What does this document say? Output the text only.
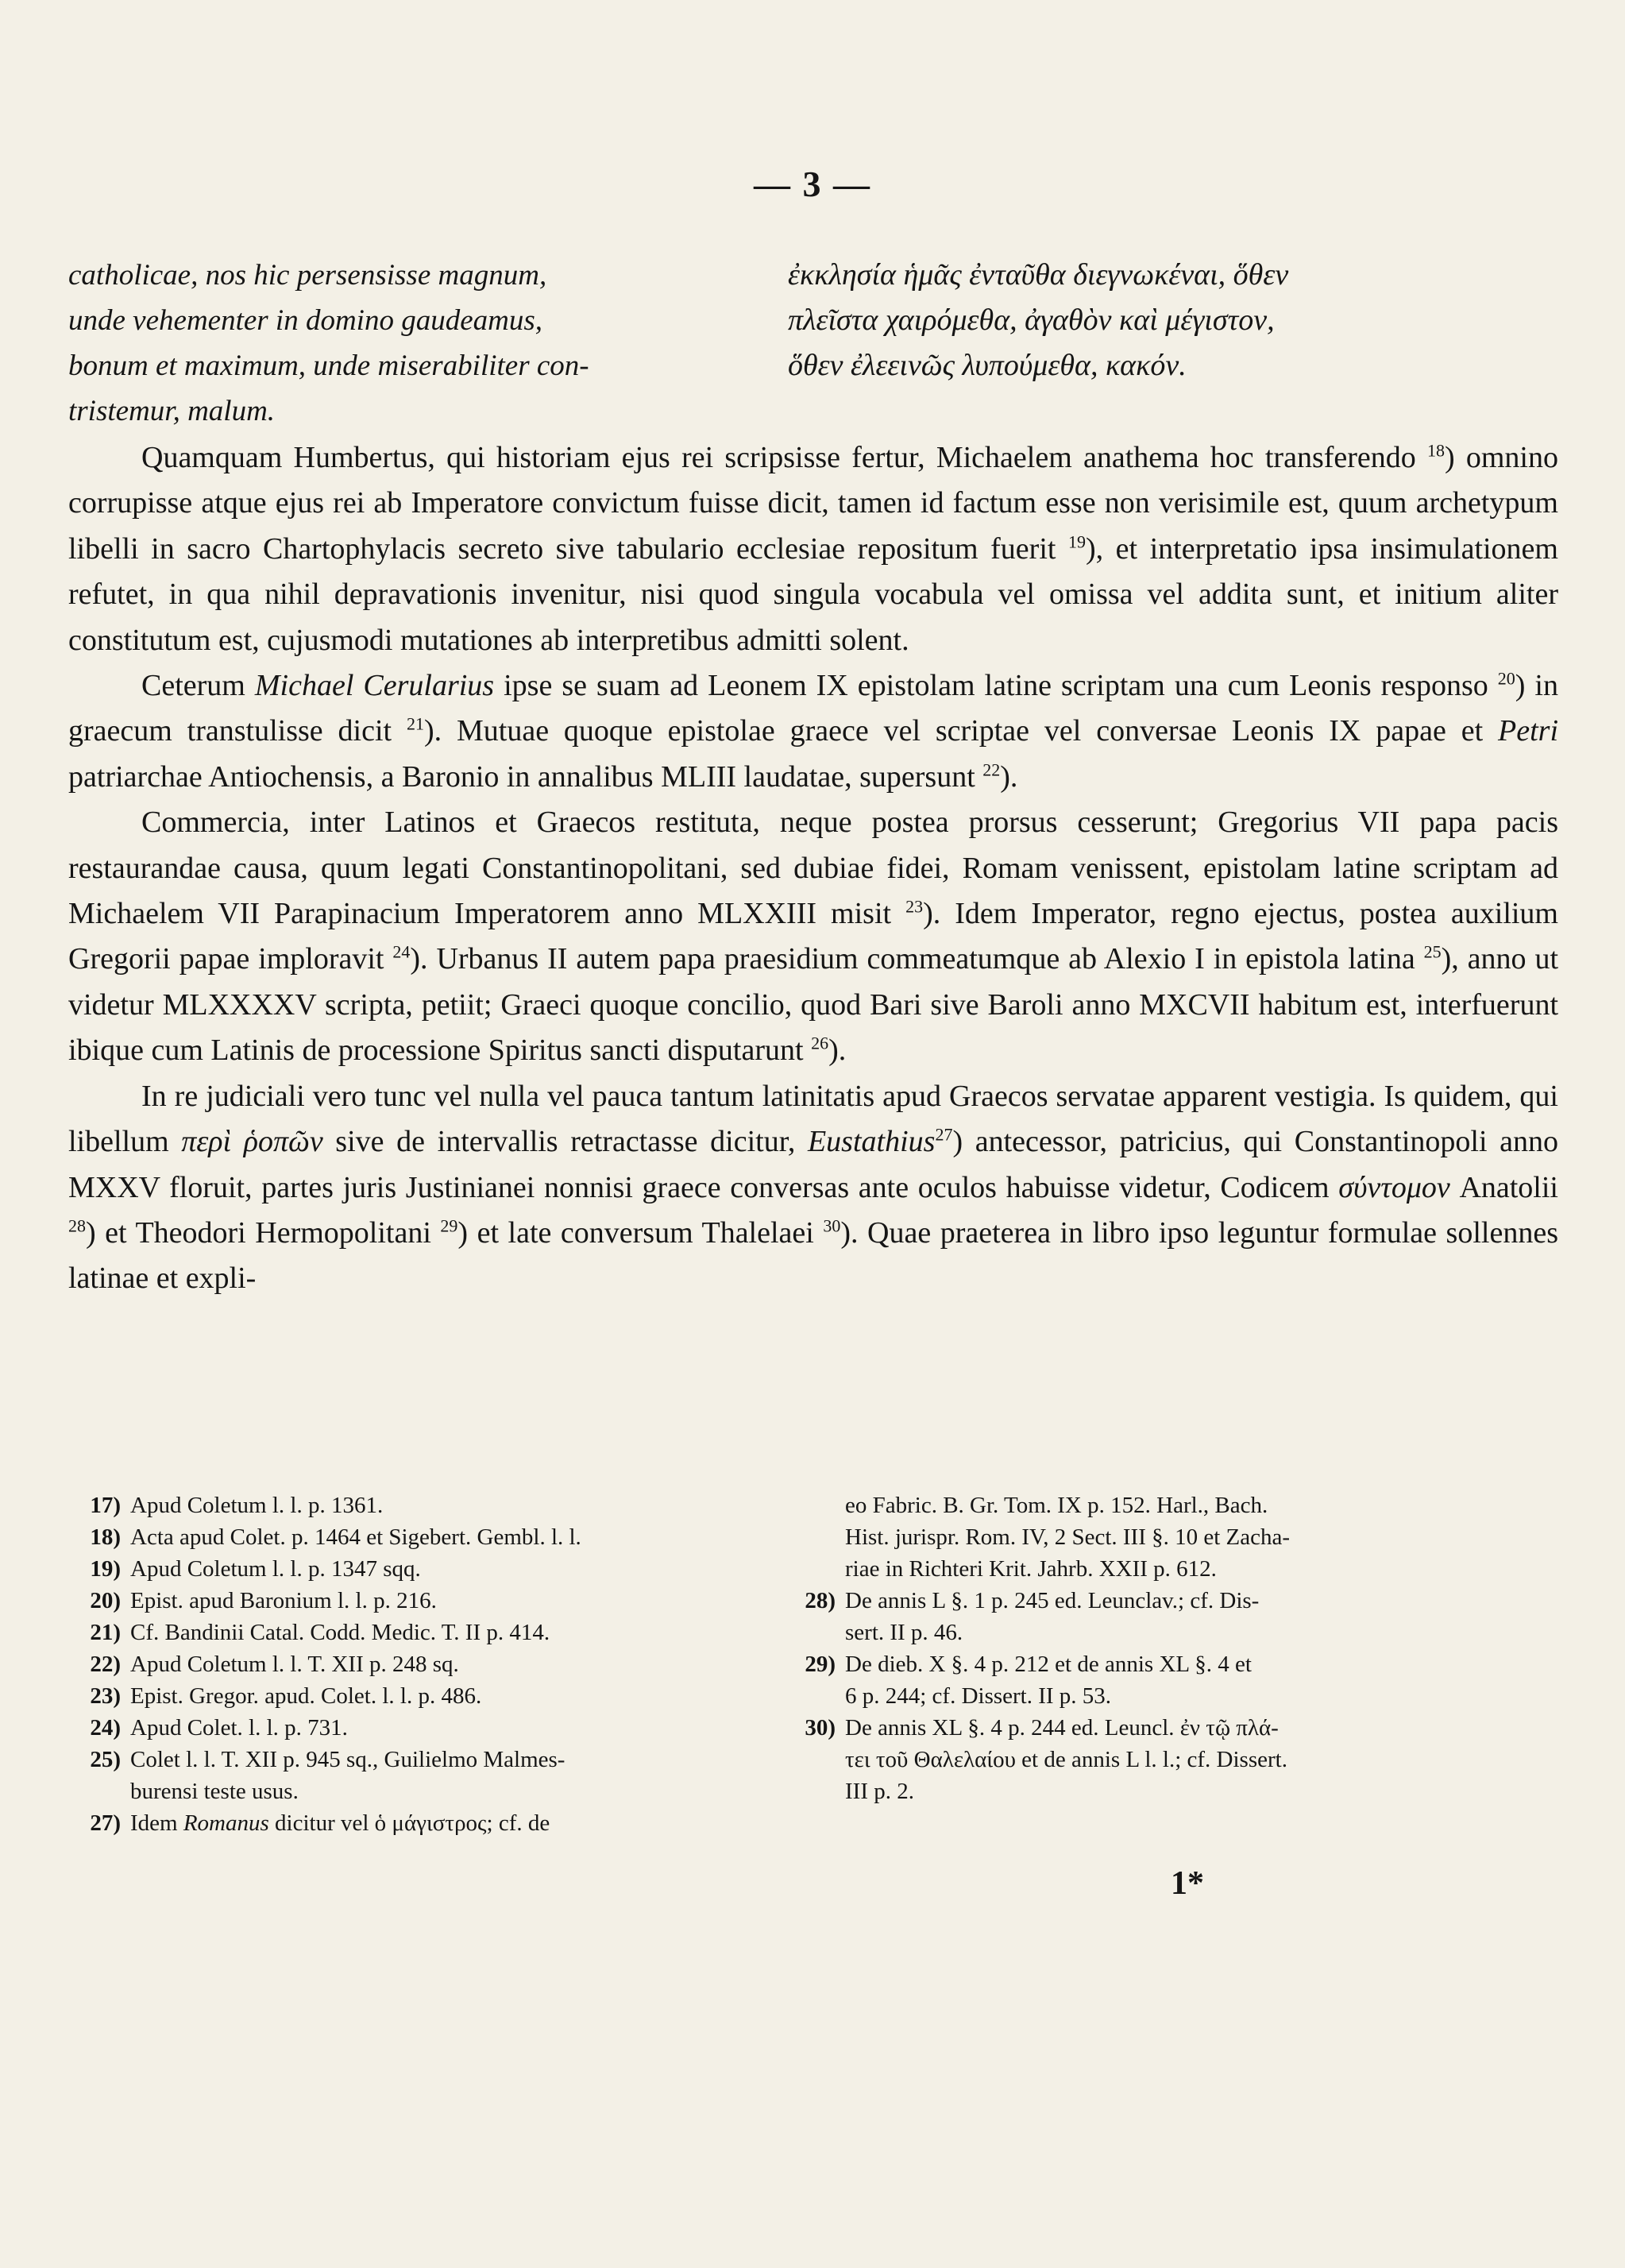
— 3 —
catholicae, nos hic persensisse magnum,
unde vehementer in domino gaudeamus,
bonum et maximum, unde miserabiliter con-
tristemur, malum.
ἐκκλησία ἡμᾶς ἐνταῦθα διεγνωκέναι, ὅθεν
πλεῖστα χαιρόμεθα, ἀγαθὸν καὶ μέγιστον,
ὅθεν ἐλεεινῶς λυπούμεθα, κακόν.

Quamquam Humbertus, qui historiam ejus rei scripsisse fertur, Michaelem anathema hoc transferendo $^{18}$) omnino corrupisse atque ejus rei ab Imperatore convictum fuisse dicit, tamen id factum esse non verisimile est, quum archetypum libelli in sacro Chartophylacis secreto sive tabulario ecclesiae repositum fuerit $^{19}$), et interpretatio ipsa insimulationem refutet, in qua nihil depravationis invenitur, nisi quod singula vocabula vel omissa vel addita sunt, et initium aliter constitutum est, cujusmodi mutationes ab interpretibus admitti solent.

Ceterum Michael Cerularius ipse se suam ad Leonem IX epistolam latine scriptam una cum Leonis responso $^{20}$) in graecum transtulisse dicit $^{21}$). Mutuae quoque epistolae graece vel scriptae vel conversae Leonis IX papae et Petri patriarchae Antiochensis, a Baronio in annalibus MLIII laudatae, supersunt $^{22}$).

Commercia, inter Latinos et Graecos restituta, neque postea prorsus cesserunt; Gregorius VII papa pacis restaurandae causa, quum legati Constantinopolitani, sed dubiae fidei, Romam venissent, epistolam latine scriptam ad Michaelem VII Parapinacium Imperatorem anno MLXXIII misit $^{23}$). Idem Imperator, regno ejectus, postea auxilium Gregorii papae imploravit $^{24}$). Urbanus II autem papa praesidium commeatumque ab Alexio I in epistola latina $^{25}$), anno ut videtur MLXXXXV scripta, petiit; Graeci quoque concilio, quod Bari sive Baroli anno MXCVII habitum est, interfuerunt ibique cum Latinis de processione Spiritus sancti disputarunt $^{26}$).

In re judiciali vero tunc vel nulla vel pauca tantum latinitatis apud Graecos servatae apparent vestigia. Is quidem, qui libellum περὶ ῥοπῶν sive de intervallis retractasse dicitur, Eustathius$^{27}$) antecessor, patricius, qui Constantinopoli anno MXXV floruit, partes juris Justinianei nonnisi graece conversas ante oculos habuisse videtur, Codicem σύντομον Anatolii $^{28}$) et Theodori Hermopolitani $^{29}$) et late conversum Thalelaei $^{30}$). Quae praeterea in libro ipso leguntur formulae sollennes latinae et expli-

17) Apud Coletum l. l. p. 1361.
18) Acta apud Colet. p. 1464 et Sigebert. Gembl. l. l.
19) Apud Coletum l. l. p. 1347 sqq.
20) Epist. apud Baronium l. l. p. 216.
21) Cf. Bandinii Catal. Codd. Medic. T. II p. 414.
22) Apud Coletum l. l. T. XII p. 248 sq.
23) Epist. Gregor. apud. Colet. l. l. p. 486.
24) Apud Colet. l. l. p. 731.
25) Colet l. l. T. XII p. 945 sq., Guilielmo Malmes-
burensi teste usus.
27) Idem Romanus dicitur vel ὁ μάγιστρος; cf. de
eo Fabric. B. Gr. Tom. IX p. 152. Harl., Bach.
Hist. jurispr. Rom. IV, 2 Sect. III §. 10 et Zacha-
riae in Richteri Krit. Jahrb. XXII p. 612.
28) De annis L §. 1 p. 245 ed. Leunclav.; cf. Dis-
sert. II p. 46.
29) De dieb. X §. 4 p. 212 et de annis XL §. 4 et
6 p. 244; cf. Dissert. II p. 53.
30) De annis XL §. 4 p. 244 ed. Leuncl. ἐν τῷ πλά-
τει τοῦ Θαλελαίου et de annis L l. l.; cf. Dissert.
III p. 2.
1*
